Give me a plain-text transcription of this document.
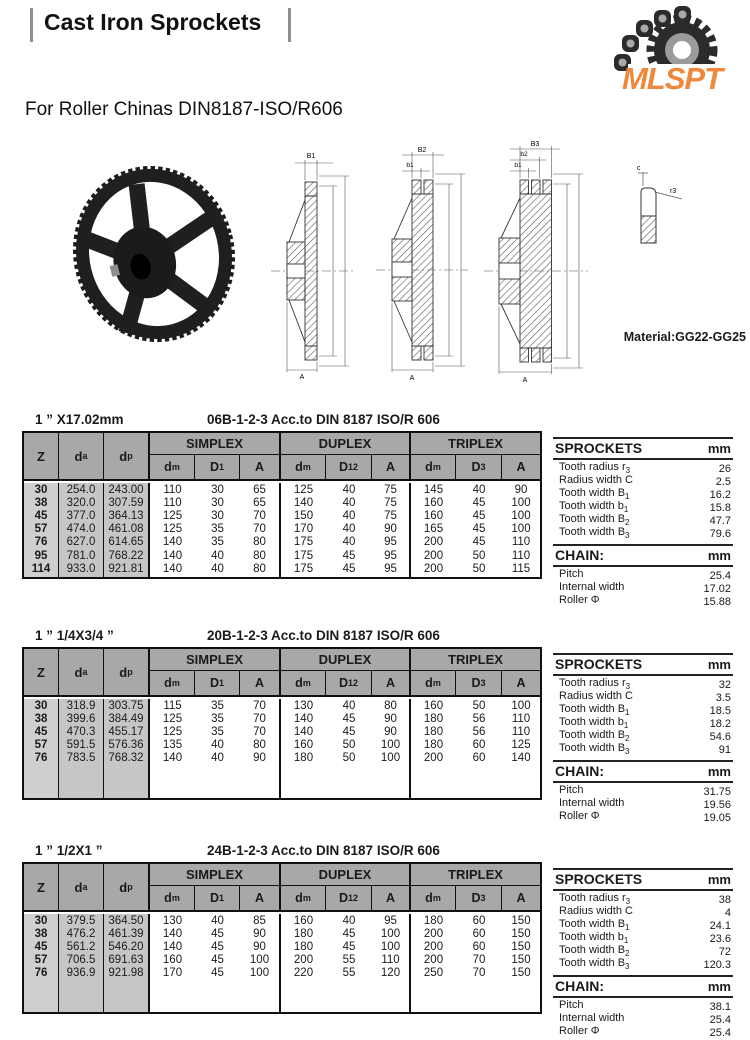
Cast Iron Sprockets
MLSPT
For Roller Chinas DIN8187-ISO/R606
B1
A
b1
B2
A
b1
b2
B3
A
c
r3
Material:GG22-GG25
1 ” X17.02mm	06B-1-2-3 Acc.to DIN 8187 ISO/R 606
Z d a d p
SIMPLEX	DUPLEX	TRIPLEX
d m D 1 A d m D 12 A d m D 3 A
30	254.0	243.00	110	30	65	125	40	75	145	40	90
38	320.0	307.59	110	30	65	140	40	75	160	45	100
45	377.0	364.13	125	30	70	150	40	75	160	45	100
57	474.0	461.08	125	35	70	170	40	90	165	45	100
76	627.0	614.65	140	35	80	175	40	95	200	45	110
95	781.0	768.22	140	40	80	175	45	95	200	50	110
114	933.0	921.81	140	40	80	175	45	95	200	50	115
SPROCKETS	mm
Tooth radius $r_3$	26
Radius width C	2.5
Tooth width $B_1$	16.2
Tooth width $b_1$	15.8
Tooth width $B_2$	47.7
Tooth width $B_3$	79.6
CHAIN:	mm
Pitch	25.4
Internal width	17.02
Roller Φ	15.88
1 ” 1/4X3/4 ”	20B-1-2-3 Acc.to DIN 8187 ISO/R 606
Z d a d p
SIMPLEX	DUPLEX	TRIPLEX
d m D 1 A d m D 12 A d m D 3 A
30	318.9	303.75	115	35	70	130	40	80	160	50	100
38	399.6	384.49	125	35	70	140	45	90	180	56	110
45	470.3	455.17	125	35	70	140	45	90	180	56	110
57	591.5	576.36	135	40	80	160	50	100	180	60	125
76	783.5	768.32	140	40	90	180	50	100	200	60	140
SPROCKETS	mm
Tooth radius $r_3$	32
Radius width C	3.5
Tooth width $B_1$	18.5
Tooth width $b_1$	18.2
Tooth width $B_2$	54.6
Tooth width $B_3$	91
CHAIN:	mm
Pitch	31.75
Internal width	19.56
Roller Φ	19.05
1 ” 1/2X1 ”	24B-1-2-3 Acc.to DIN 8187 ISO/R 606
Z d a d p
SIMPLEX	DUPLEX	TRIPLEX
d m D 1 A d m D 12 A d m D 3 A
30	379.5	364.50	130	40	85	160	40	95	180	60	150
38	476.2	461.39	140	45	90	180	45	100	200	60	150
45	561.2	546.20	140	45	90	180	45	100	200	60	150
57	706.5	691.63	160	45	100	200	55	110	200	70	150
76	936.9	921.98	170	45	100	220	55	120	250	70	150
SPROCKETS	mm
Tooth radius $r_3$	38
Radius width C	4
Tooth width $B_1$	24.1
Tooth width $b_1$	23.6
Tooth width $B_2$	72
Tooth width $B_3$	120.3
CHAIN:	mm
Pitch	38.1
Internal width	25.4
Roller Φ	25.4
